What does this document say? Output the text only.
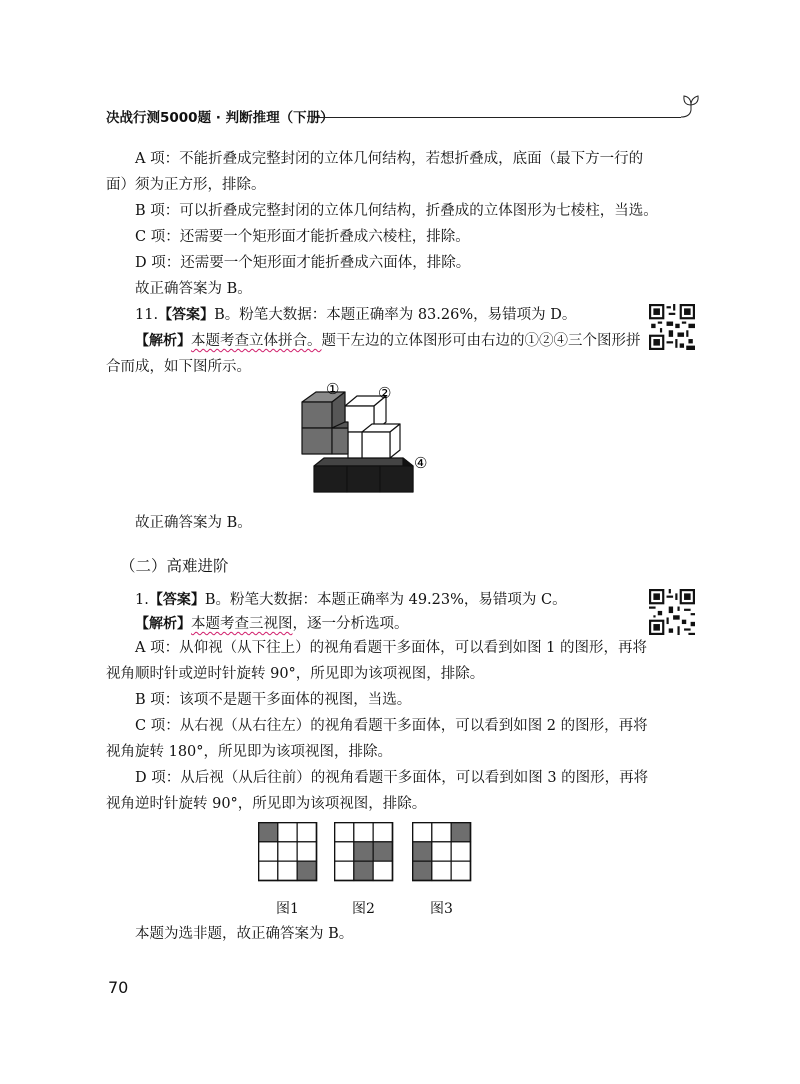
决战行测5000题 · 判断推理（下册）
A 项：不能折叠成完整封闭的立体几何结构，若想折叠成，底面（最下方一行的
面）须为正方形，排除。
B 项：可以折叠成完整封闭的立体几何结构，折叠成的立体图形为七棱柱，当选。
C 项：还需要一个矩形面才能折叠成六棱柱，排除。
D 项：还需要一个矩形面才能折叠成六面体，排除。
故正确答案为 B。
11.【答案】B。粉笔大数据：本题正确率为 83.26%，易错项为 D。
【解析】本题考查立体拼合。题干左边的立体图形可由右边的①②④三个图形拼
合而成，如下图所示。
①	②
④
故正确答案为 B。
（二）高难进阶
1.【答案】B。粉笔大数据：本题正确率为 49.23%，易错项为 C。
【解析】本题考查三视图，逐一分析选项。
A 项：从仰视（从下往上）的视角看题干多面体，可以看到如图 1 的图形，再将
视角顺时针或逆时针旋转 90°，所见即为该项视图，排除。
B 项：该项不是题干多面体的视图，当选。
C 项：从右视（从右往左）的视角看题干多面体，可以看到如图 2 的图形，再将
视角旋转 180°，所见即为该项视图，排除。
D 项：从后视（从后往前）的视角看题干多面体，可以看到如图 3 的图形，再将
视角逆时针旋转 90°，所见即为该项视图，排除。
图1	图2	图3
本题为选非题，故正确答案为 B。
70
